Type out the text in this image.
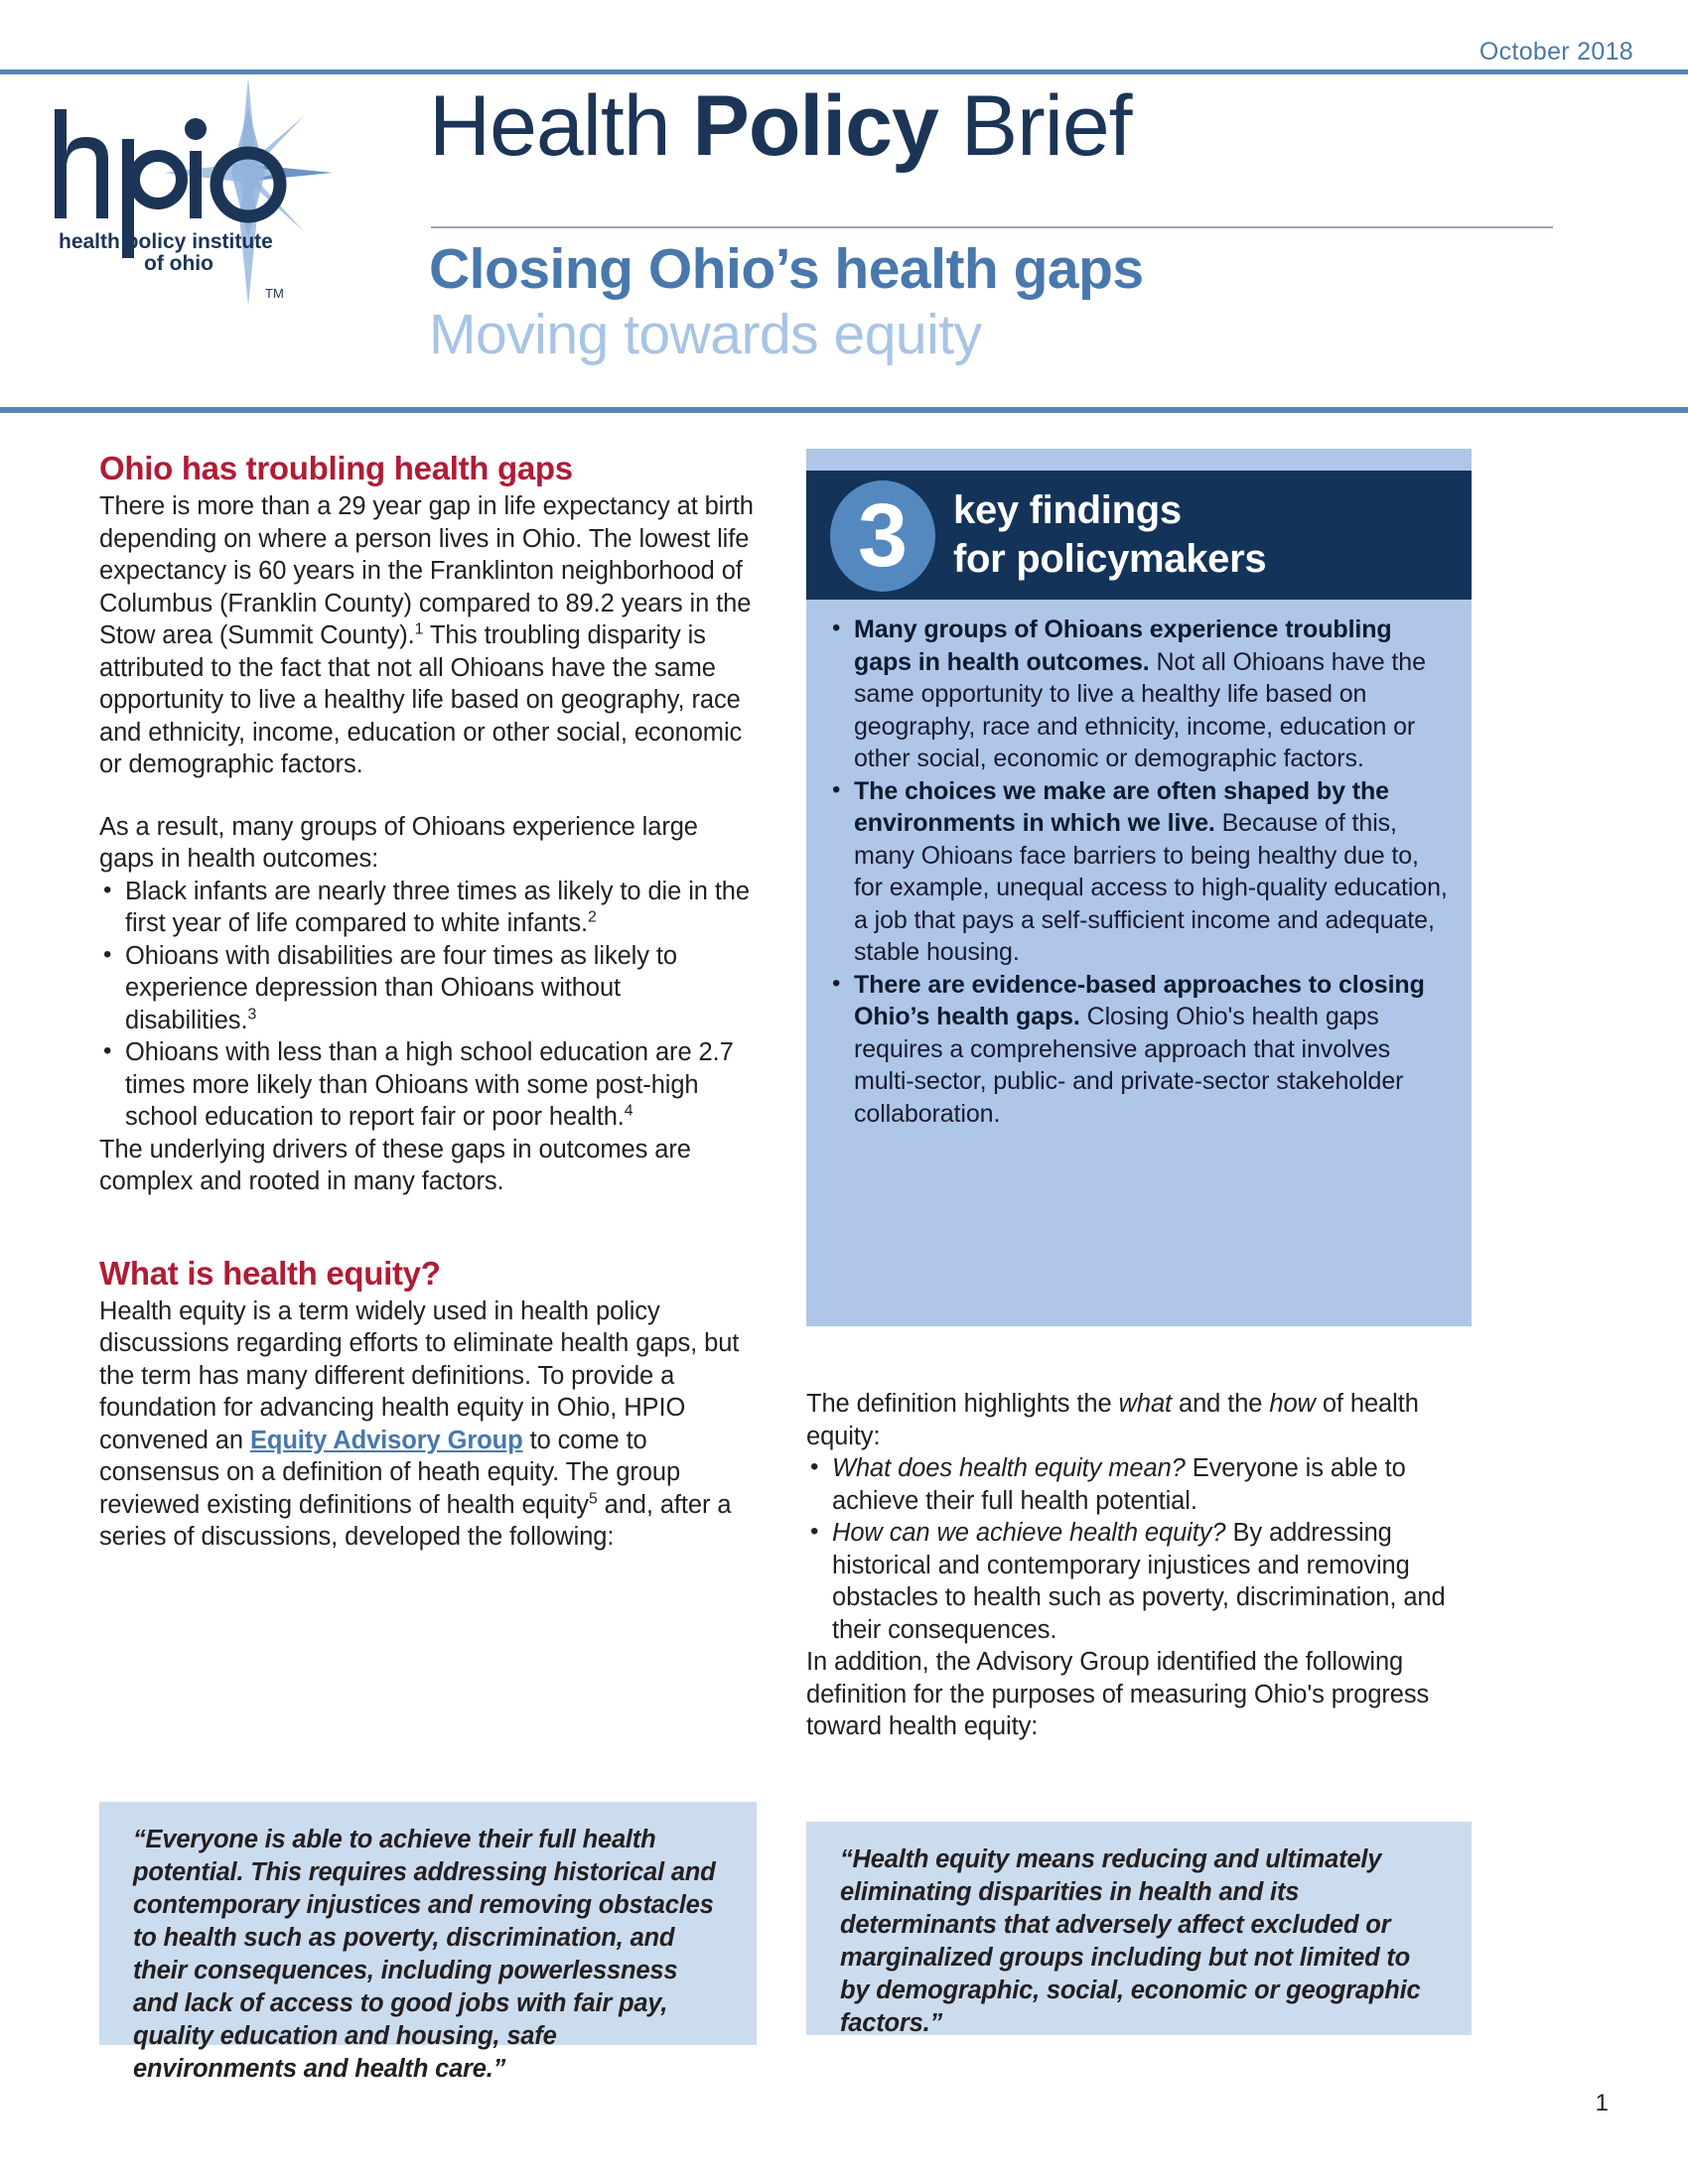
October 2018
health policy institute
of ohio
TM
Health Policy Brief
Closing Ohio’s health gaps
Moving towards equity
Ohio has troubling health gaps

There is more than a 29 year gap in life expectancy at birth depending on where a person lives in Ohio. The lowest life expectancy is 60 years in the Franklinton neighborhood of Columbus (Franklin County) compared to 89.2 years in the Stow area (Summit County).$^1$ This troubling disparity is attributed to the fact that not all Ohioans have the same opportunity to live a healthy life based on geography, race and ethnicity, income, education or other social, economic or demographic factors.

As a result, many groups of Ohioans experience large gaps in health outcomes:

• Black infants are nearly three times as likely to die in the first year of life compared to white infants.$^2$
• Ohioans with disabilities are four times as likely to experience depression than Ohioans without disabilities.$^3$
• Ohioans with less than a high school education are 2.7 times more likely than Ohioans with some post-high school education to report fair or poor health.$^4$

The underlying drivers of these gaps in outcomes are complex and rooted in many factors.

What is health equity?

Health equity is a term widely used in health policy discussions regarding efforts to eliminate health gaps, but the term has many different definitions. To provide a foundation for advancing health equity in Ohio, HPIO convened an Equity Advisory Group to come to consensus on a definition of heath equity. The group reviewed existing definitions of health equity$^5$ and, after a series of discussions, developed the following:

“Everyone is able to achieve their full health potential. This requires addressing historical and contemporary injustices and removing obstacles to health such as poverty, discrimination, and their consequences, including powerlessness and lack of access to good jobs with fair pay, quality education and housing, safe environments and health care.”
3	key findings
for policymakers
• Many groups of Ohioans experience troubling gaps in health outcomes. Not all Ohioans have the same opportunity to live a healthy life based on geography, race and ethnicity, income, education or other social, economic or demographic factors.
• The choices we make are often shaped by the environments in which we live. Because of this, many Ohioans face barriers to being healthy due to, for example, unequal access to high-quality education, a job that pays a self-sufficient income and adequate, stable housing.
• There are evidence-based approaches to closing Ohio’s health gaps. Closing Ohio's health gaps requires a comprehensive approach that involves multi-sector, public- and private-sector stakeholder collaboration.

The definition highlights the what and the how of health equity:

• What does health equity mean? Everyone is able to achieve their full health potential.
• How can we achieve health equity? By addressing historical and contemporary injustices and removing obstacles to health such as poverty, discrimination, and their consequences.

In addition, the Advisory Group identified the following definition for the purposes of measuring Ohio's progress toward health equity:

“Health equity means reducing and ultimately eliminating disparities in health and its determinants that adversely affect excluded or marginalized groups including but not limited to by demographic, social, economic or geographic factors.”
1
